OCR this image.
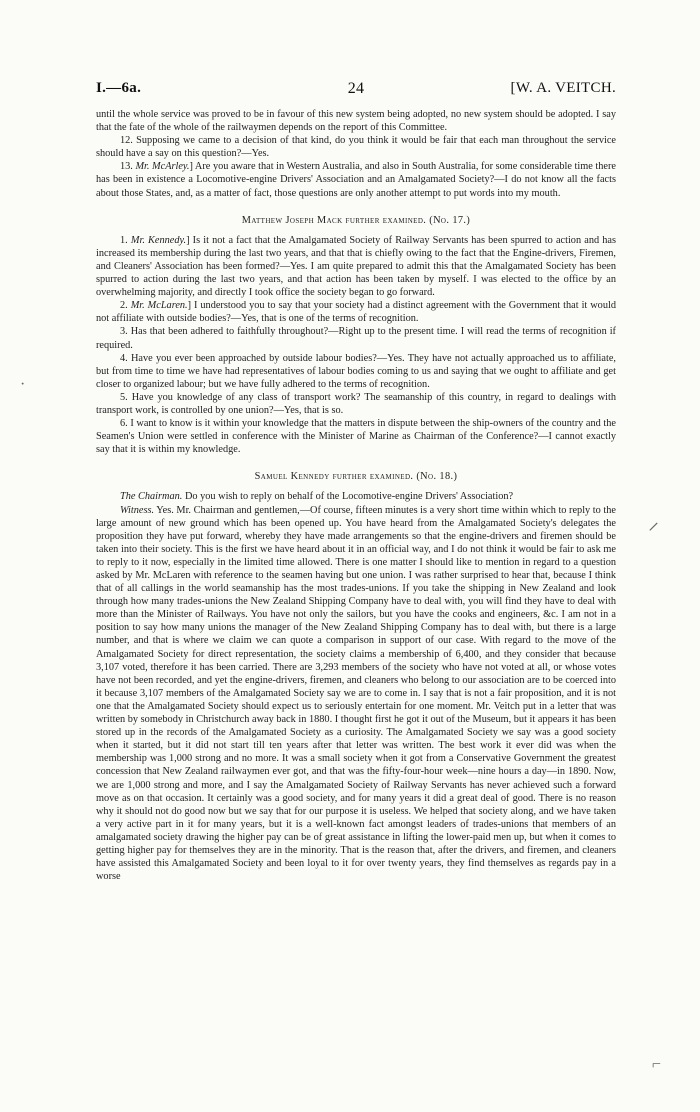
I.—6a.	24	[W. A. VEITCH.

until the whole service was proved to be in favour of this new system being adopted, no new system should be adopted. I say that the fate of the whole of the railwaymen depends on the report of this Committee.

12. Supposing we came to a decision of that kind, do you think it would be fair that each man throughout the service should have a say on this question?—Yes.

13. Mr. McArley.] Are you aware that in Western Australia, and also in South Australia, for some considerable time there has been in existence a Locomotive-engine Drivers' Association and an Amalgamated Society?—I do not know all the facts about those States, and, as a matter of fact, those questions are only another attempt to put words into my mouth.

Matthew Joseph Mack further examined. (No. 17.)

1. Mr. Kennedy.] Is it not a fact that the Amalgamated Society of Railway Servants has been spurred to action and has increased its membership during the last two years, and that that is chiefly owing to the fact that the Engine-drivers, Firemen, and Cleaners' Association has been formed?—Yes. I am quite prepared to admit this that the Amalgamated Society has been spurred to action during the last two years, and that action has been taken by myself. I was elected to the office by an overwhelming majority, and directly I took office the society began to go forward.

2. Mr. McLaren.] I understood you to say that your society had a distinct agreement with the Government that it would not affiliate with outside bodies?—Yes, that is one of the terms of recognition.

3. Has that been adhered to faithfully throughout?—Right up to the present time. I will read the terms of recognition if required.

4. Have you ever been approached by outside labour bodies?—Yes. They have not actually approached us to affiliate, but from time to time we have had representatives of labour bodies coming to us and saying that we ought to affiliate and get closer to organized labour; but we have fully adhered to the terms of recognition.

5. Have you knowledge of any class of transport work? The seamanship of this country, in regard to dealings with transport work, is controlled by one union?—Yes, that is so.

6. I want to know is it within your knowledge that the matters in dispute between the ship-owners of the country and the Seamen's Union were settled in conference with the Minister of Marine as Chairman of the Conference?—I cannot exactly say that it is within my knowledge.

Samuel Kennedy further examined. (No. 18.)

The Chairman. Do you wish to reply on behalf of the Locomotive-engine Drivers' Association?

Witness. Yes. Mr. Chairman and gentlemen,—Of course, fifteen minutes is a very short time within which to reply to the large amount of new ground which has been opened up. You have heard from the Amalgamated Society's delegates the proposition they have put forward, whereby they have made arrangements so that the engine-drivers and firemen should be taken into their society. This is the first we have heard about it in an official way, and I do not think it would be fair to ask me to reply to it now, especially in the limited time allowed. There is one matter I should like to mention in regard to a question asked by Mr. McLaren with reference to the seamen having but one union. I was rather surprised to hear that, because I think that of all callings in the world seamanship has the most trades-unions. If you take the shipping in New Zealand and look through how many trades-unions the New Zealand Shipping Company have to deal with, you will find they have to deal with more than the Minister of Railways. You have not only the sailors, but you have the cooks and engineers, &c. I am not in a position to say how many unions the manager of the New Zealand Shipping Company has to deal with, but there is a large number, and that is where we claim we can quote a comparison in support of our case. With regard to the move of the Amalgamated Society for direct representation, the society claims a membership of 6,400, and they consider that because 3,107 voted, therefore it has been carried. There are 3,293 members of the society who have not voted at all, or whose votes have not been recorded, and yet the engine-drivers, firemen, and cleaners who belong to our association are to be coerced into it because 3,107 members of the Amalgamated Society say we are to come in. I say that is not a fair proposition, and it is not one that the Amalgamated Society should expect us to seriously entertain for one moment. Mr. Veitch put in a letter that was written by somebody in Christchurch away back in 1880. I thought first he got it out of the Museum, but it appears it has been stored up in the records of the Amalgamated Society as a curiosity. The Amalgamated Society we say was a good society when it started, but it did not start till ten years after that letter was written. The best work it ever did was when the membership was 1,000 strong and no more. It was a small society when it got from a Conservative Government the greatest concession that New Zealand railwaymen ever got, and that was the fifty-four-hour week—nine hours a day—in 1890. Now, we are 1,000 strong and more, and I say the Amalgamated Society of Railway Servants has never achieved such a forward move as on that occasion. It certainly was a good society, and for many years it did a great deal of good. There is no reason why it should not do good now but we say that for our purpose it is useless. We helped that society along, and we have taken a very active part in it for many years, but it is a well-known fact amongst leaders of trades-unions that members of an amalgamated society drawing the higher pay can be of great assistance in lifting the lower-paid men up, but when it comes to getting higher pay for themselves they are in the minority. That is the reason that, after the drivers, and firemen, and cleaners have assisted this Amalgamated Society and been loyal to it for over twenty years, they find themselves as regards pay in a worse

·
⸝
⌐
